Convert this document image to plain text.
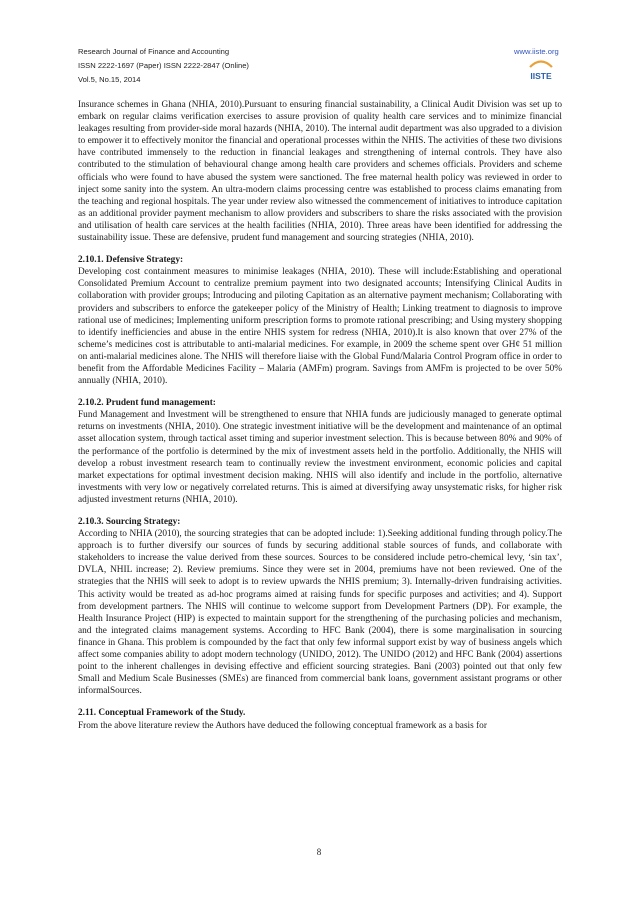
Research Journal of Finance and Accounting
ISSN 2222-1697 (Paper) ISSN 2222-2847 (Online)
Vol.5, No.15, 2014
www.iiste.org
IISTE

Insurance schemes in Ghana (NHIA, 2010).Pursuant to ensuring financial sustainability, a Clinical Audit Division was set up to embark on regular claims verification exercises to assure provision of quality health care services and to minimize financial leakages resulting from provider-side moral hazards (NHIA, 2010). The internal audit department was also upgraded to a division to empower it to effectively monitor the financial and operational processes within the NHIS. The activities of these two divisions have contributed immensely to the reduction in financial leakages and strengthening of internal controls. They have also contributed to the stimulation of behavioural change among health care providers and schemes officials. Providers and scheme officials who were found to have abused the system were sanctioned. The free maternal health policy was reviewed in order to inject some sanity into the system. An ultra-modern claims processing centre was established to process claims emanating from the teaching and regional hospitals. The year under review also witnessed the commencement of initiatives to introduce capitation as an additional provider payment mechanism to allow providers and subscribers to share the risks associated with the provision and utilisation of health care services at the health facilities (NHIA, 2010). Three areas have been identified for addressing the sustainability issue. These are defensive, prudent fund management and sourcing strategies (NHIA, 2010).

2.10.1. Defensive Strategy:

Developing cost containment measures to minimise leakages (NHIA, 2010). These will include:Establishing and operational Consolidated Premium Account to centralize premium payment into two designated accounts; Intensifying Clinical Audits in collaboration with provider groups; Introducing and piloting Capitation as an alternative payment mechanism; Collaborating with providers and subscribers to enforce the gatekeeper policy of the Ministry of Health; Linking treatment to diagnosis to improve rational use of medicines; Implementing uniform prescription forms to promote rational prescribing; and Using mystery shopping to identify inefficiencies and abuse in the entire NHIS system for redress (NHIA, 2010).It is also known that over 27% of the scheme’s medicines cost is attributable to anti-malarial medicines. For example, in 2009 the scheme spent over GH¢ 51 million on anti-malarial medicines alone. The NHIS will therefore liaise with the Global Fund/Malaria Control Program office in order to benefit from the Affordable Medicines Facility – Malaria (AMFm) program. Savings from AMFm is projected to be over 50% annually (NHIA, 2010).

2.10.2. Prudent fund management:

Fund Management and Investment will be strengthened to ensure that NHIA funds are judiciously managed to generate optimal returns on investments (NHIA, 2010). One strategic investment initiative will be the development and maintenance of an optimal asset allocation system, through tactical asset timing and superior investment selection. This is because between 80% and 90% of the performance of the portfolio is determined by the mix of investment assets held in the portfolio. Additionally, the NHIS will develop a robust investment research team to continually review the investment environment, economic policies and capital market expectations for optimal investment decision making. NHIS will also identify and include in the portfolio, alternative investments with very low or negatively correlated returns. This is aimed at diversifying away unsystematic risks, for higher risk adjusted investment returns (NHIA, 2010).

2.10.3. Sourcing Strategy:

According to NHIA (2010), the sourcing strategies that can be adopted include: 1).Seeking additional funding through policy.The approach is to further diversify our sources of funds by securing additional stable sources of funds, and collaborate with stakeholders to increase the value derived from these sources. Sources to be considered include petro-chemical levy, ‘sin tax’, DVLA, NHIL increase; 2). Review premiums. Since they were set in 2004, premiums have not been reviewed. One of the strategies that the NHIS will seek to adopt is to review upwards the NHIS premium; 3). Internally-driven fundraising activities. This activity would be treated as ad-hoc programs aimed at raising funds for specific purposes and activities; and 4). Support from development partners. The NHIS will continue to welcome support from Development Partners (DP). For example, the Health Insurance Project (HIP) is expected to maintain support for the strengthening of the purchasing policies and mechanism, and the integrated claims management systems. According to HFC Bank (2004), there is some marginalisation in sourcing finance in Ghana. This problem is compounded by the fact that only few informal support exist by way of business angels which affect some companies ability to adopt modern technology (UNIDO, 2012). The UNIDO (2012) and HFC Bank (2004) assertions point to the inherent challenges in devising effective and efficient sourcing strategies. Bani (2003) pointed out that only few Small and Medium Scale Businesses (SMEs) are financed from commercial bank loans, government assistant programs or other informalSources.

2.11. Conceptual Framework of the Study.

From the above literature review the Authors have deduced the following conceptual framework as a basis for

8
